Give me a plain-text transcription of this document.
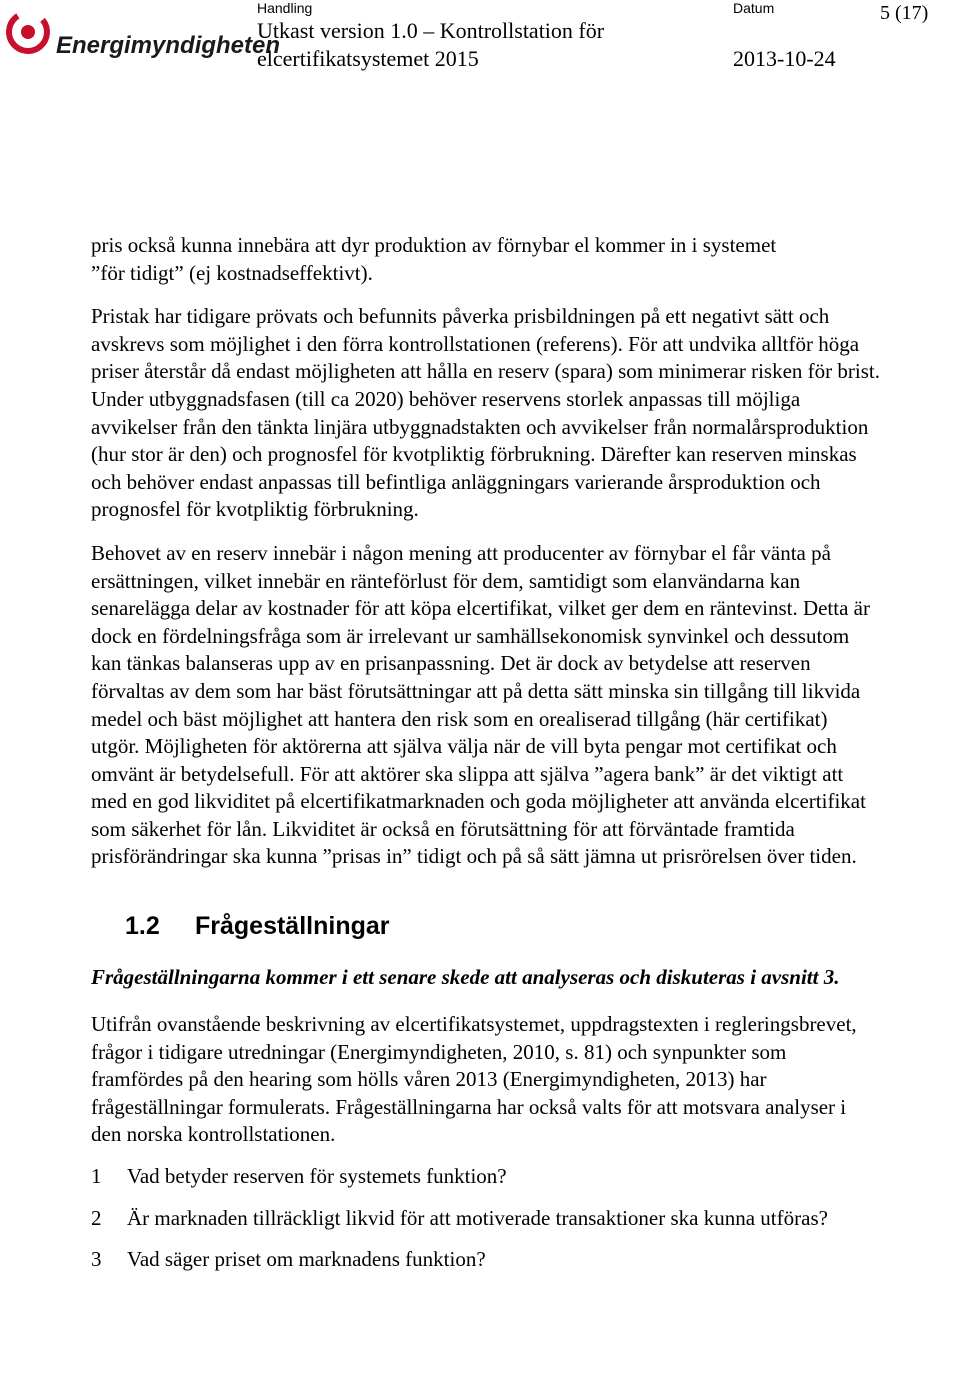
Energimyndigheten
Handling
Utkast version 1.0 – Kontrollstation för
elcertifikatsystemet 2015
Datum
2013-10-24
5 (17)

pris också kunna innebära att dyr produktion av förnybar el kommer in i systemet
”för tidigt” (ej kostnadseffektivt).

Pristak har tidigare prövats och befunnits påverka prisbildningen på ett negativt sätt och avskrevs som möjlighet i den förra kontrollstationen (referens). För att undvika alltför höga priser återstår då endast möjligheten att hålla en reserv (spara) som minimerar risken för brist. Under utbyggnadsfasen (till ca 2020) behöver reservens storlek anpassas till möjliga avvikelser från den tänkta linjära utbyggnadstakten och avvikelser från normalårsproduktion (hur stor är den) och prognosfel för kvotpliktig förbrukning. Därefter kan reserven minskas och behöver endast anpassas till befintliga anläggningars varierande årsproduktion och prognosfel för kvotpliktig förbrukning.

Behovet av en reserv innebär i någon mening att producenter av förnybar el får vänta på ersättningen, vilket innebär en ränteförlust för dem, samtidigt som elanvändarna kan senarelägga delar av kostnader för att köpa elcertifikat, vilket ger dem en räntevinst. Detta är dock en fördelningsfråga som är irrelevant ur samhällsekonomisk synvinkel och dessutom kan tänkas balanseras upp av en prisanpassning. Det är dock av betydelse att reserven förvaltas av dem som har bäst förutsättningar att på detta sätt minska sin tillgång till likvida medel och bäst möjlighet att hantera den risk som en orealiserad tillgång (här certifikat) utgör. Möjligheten för aktörerna att själva välja när de vill byta pengar mot certifikat och omvänt är betydelsefull. För att aktörer ska slippa att själva ”agera bank” är det viktigt att med en god likviditet på elcertifikatmarknaden och goda möjligheter att använda elcertifikat som säkerhet för lån. Likviditet är också en förutsättning för att förväntade framtida prisförändringar ska kunna ”prisas in” tidigt och på så sätt jämna ut prisrörelsen över tiden.

1.2 Frågeställningar

Frågeställningarna kommer i ett senare skede att analyseras och diskuteras i avsnitt 3.

Utifrån ovanstående beskrivning av elcertifikatsystemet, uppdragstexten i regleringsbrevet, frågor i tidigare utredningar (Energimyndigheten, 2010, s. 81) och synpunkter som framfördes på den hearing som hölls våren 2013 (Energimyndigheten, 2013) har frågeställningar formulerats. Frågeställningarna har också valts för att motsvara analyser i den norska kontrollstationen.

1	Vad betyder reserven för systemets funktion?
2	Är marknaden tillräckligt likvid för att motiverade transaktioner ska kunna utföras?
3	Vad säger priset om marknadens funktion?
